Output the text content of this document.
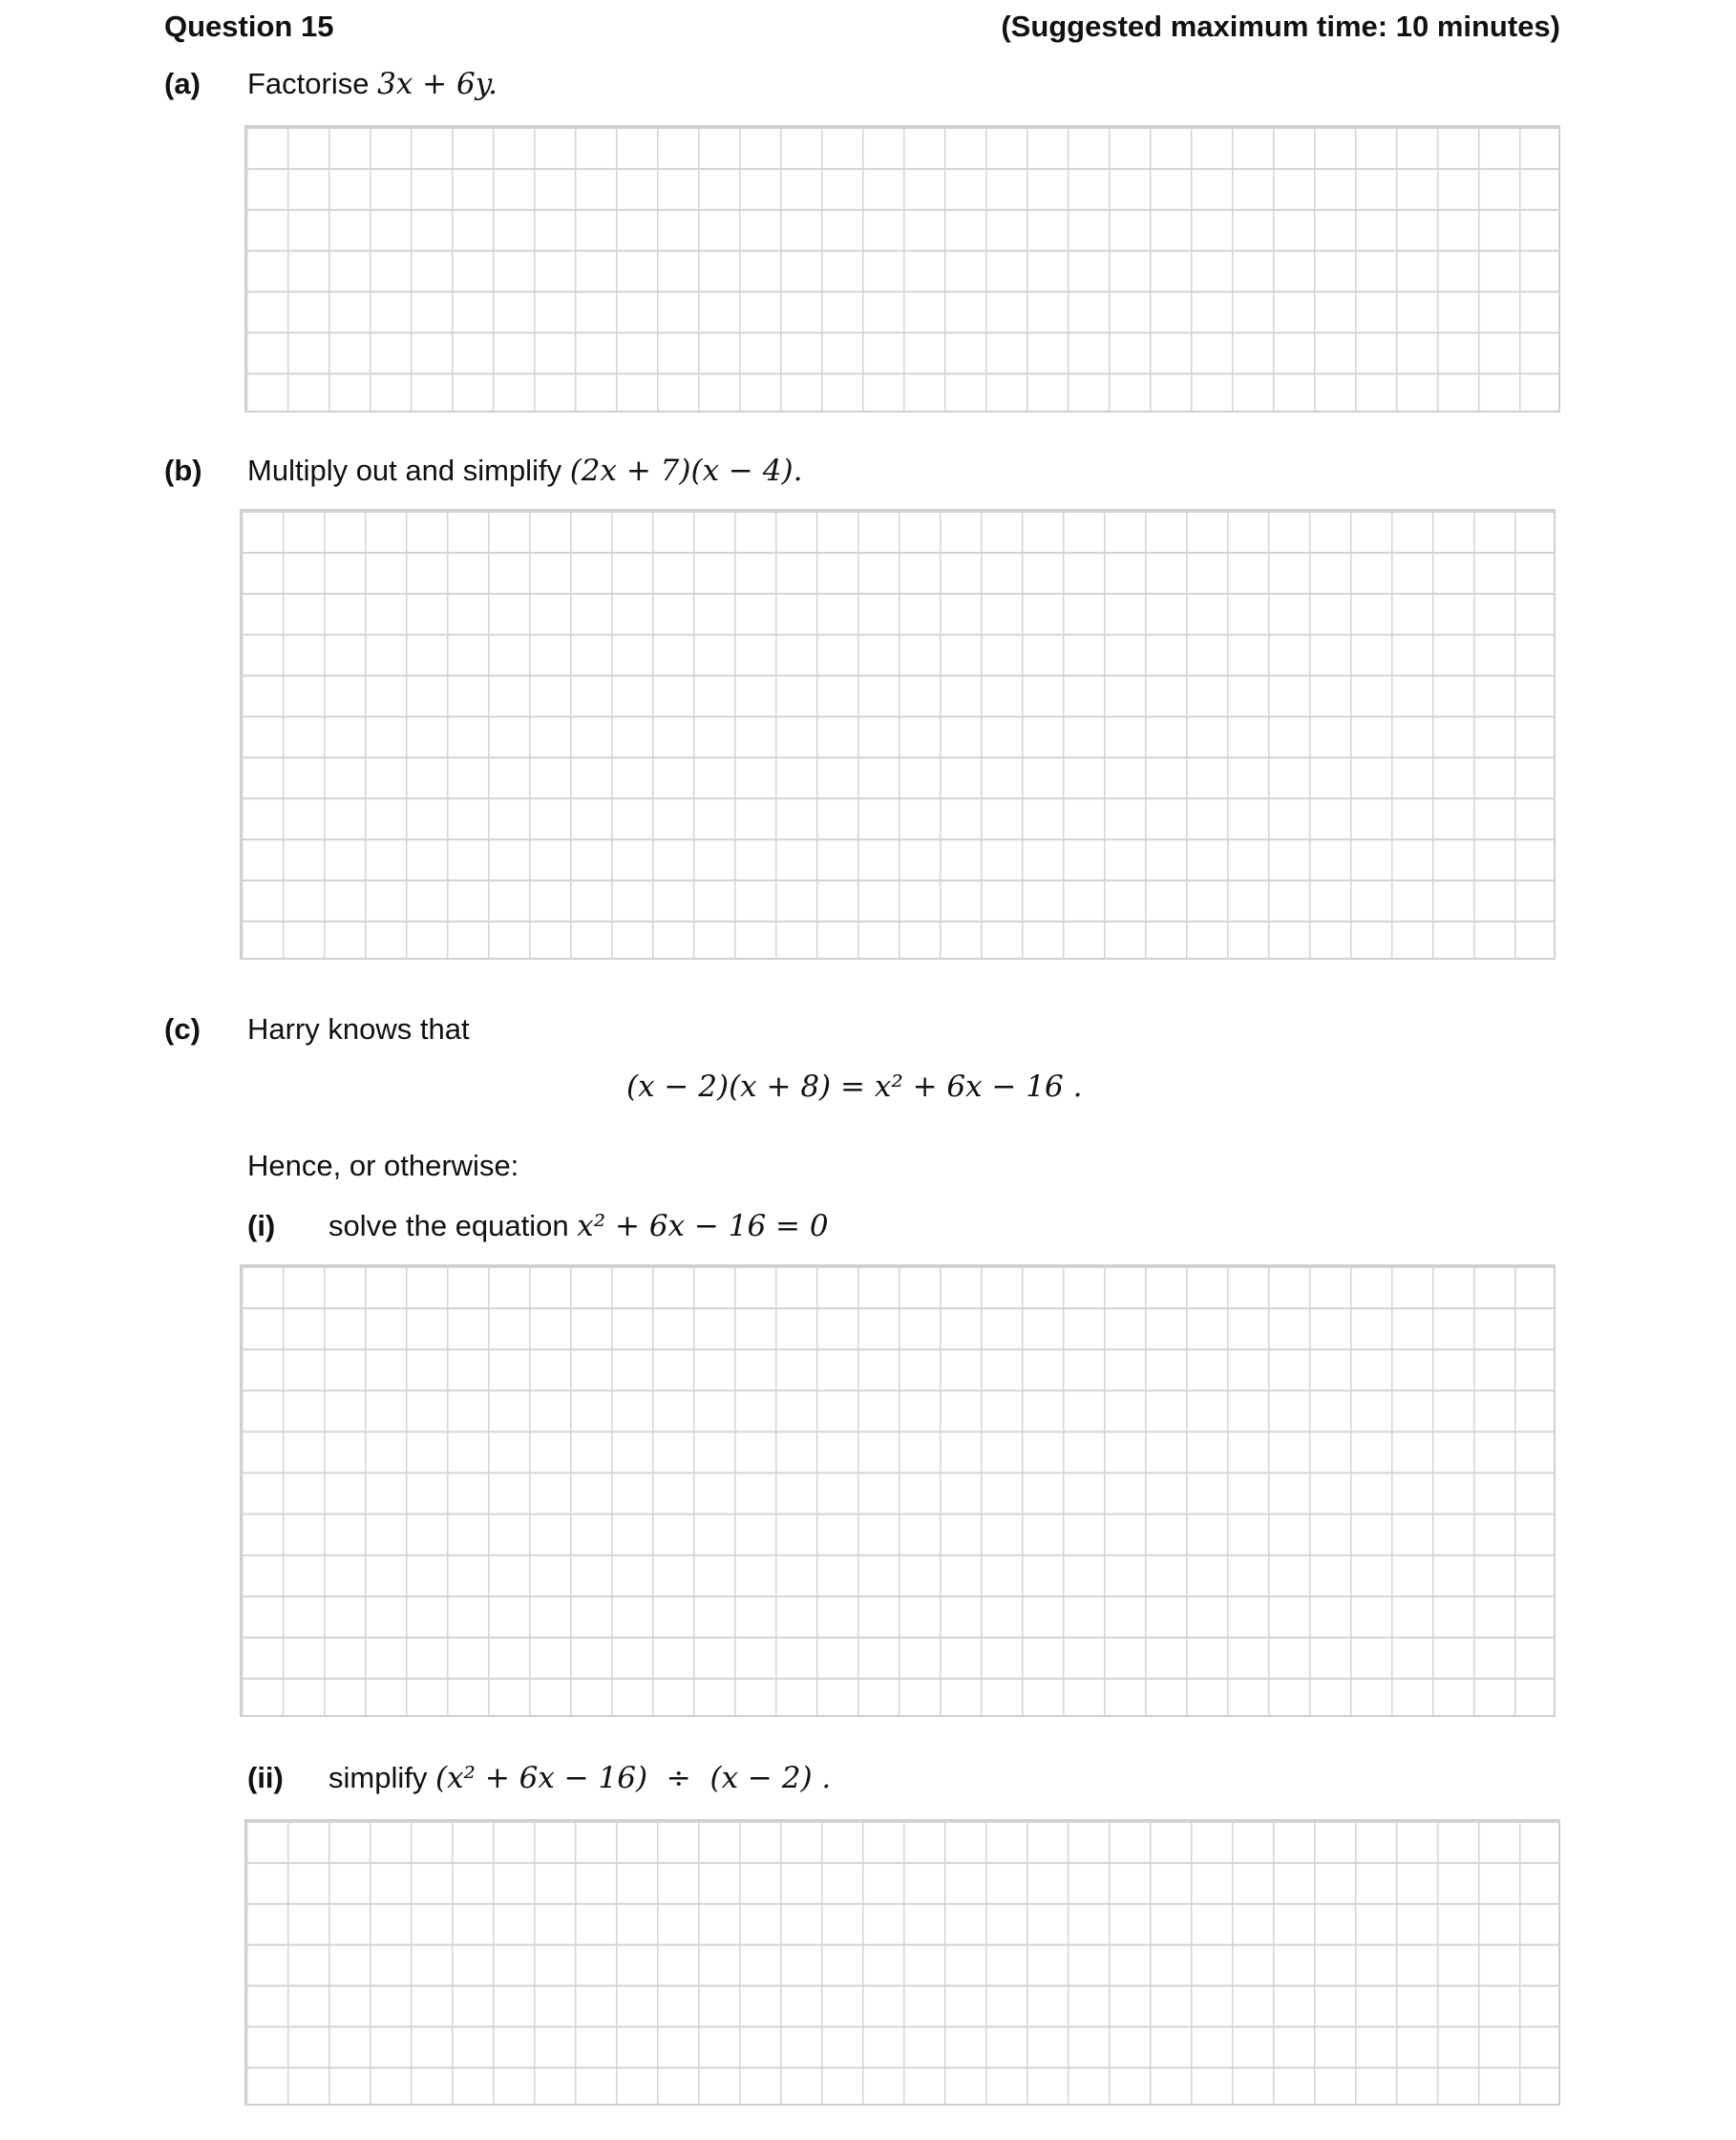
Question 15	(Suggested maximum time: 10 minutes)
(a) Factorise 3x + 6y.
(b) Multiply out and simplify (2x + 7)(x − 4).
(c) Harry knows that
(x − 2)(x + 8) = x² + 6x − 16 .
Hence, or otherwise:
(i) solve the equation x² + 6x − 16 = 0
(ii) simplify (x² + 6x − 16)  ÷  (x − 2) .
